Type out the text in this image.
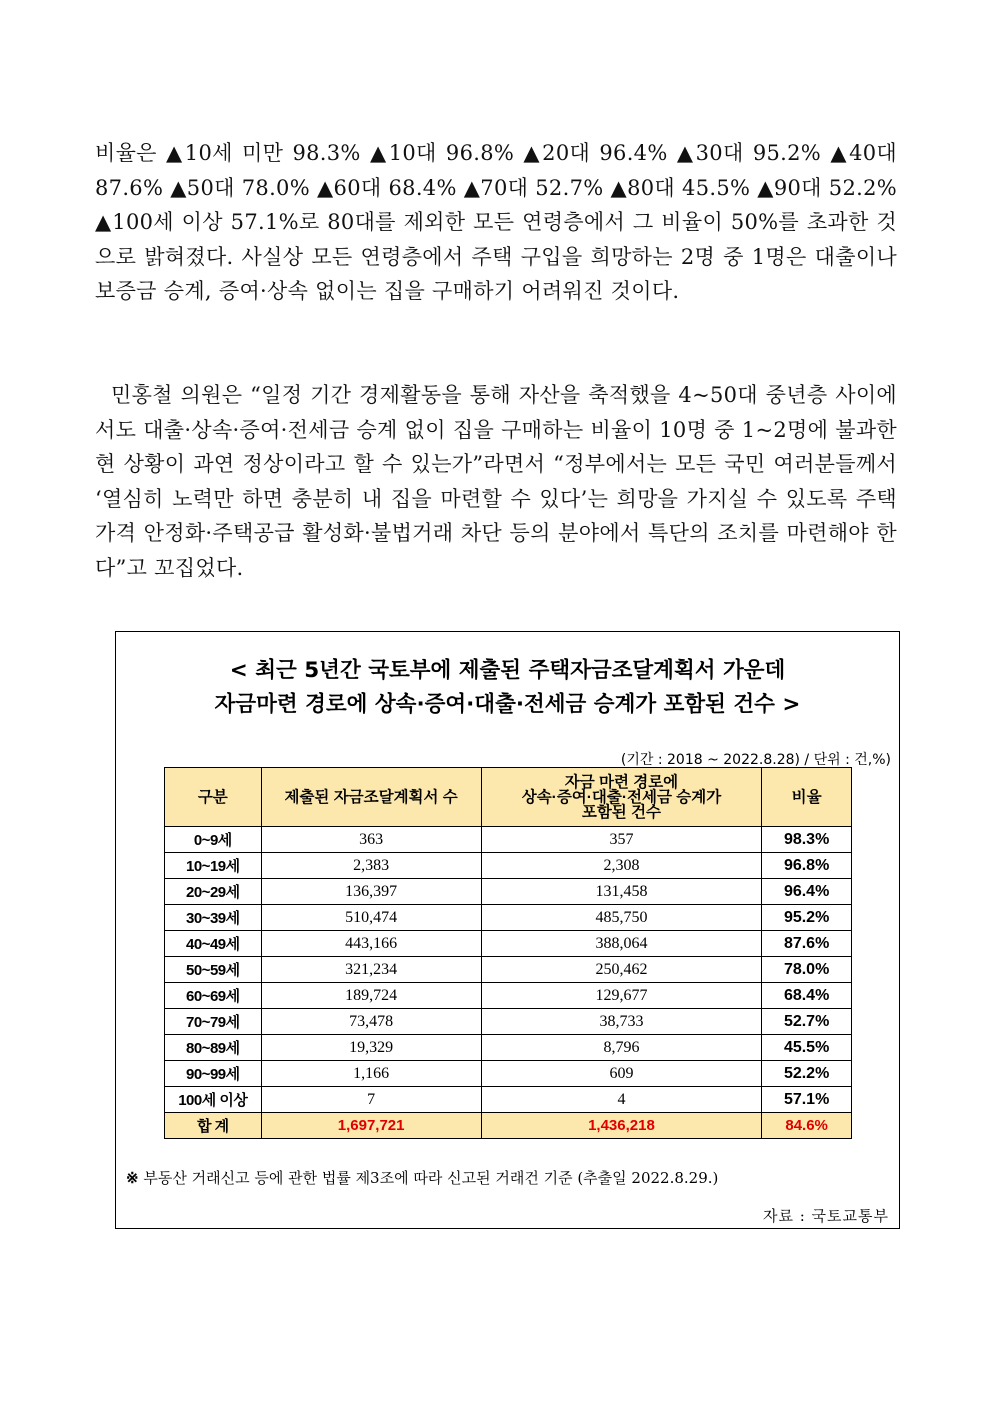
비율은 ▲10세 미만 98.3% ▲10대 96.8% ▲20대 96.4% ▲30대 95.2% ▲40대 87.6% ▲50대 78.0% ▲60대 68.4% ▲70대 52.7% ▲80대 45.5% ▲90대 52.2% ▲100세 이상 57.1%로 80대를 제외한 모든 연령층에서 그 비율이 50%를 초과한 것으로 밝혀졌다. 사실상 모든 연령층에서 주택 구입을 희망하는 2명 중 1명은 대출이나 보증금 승계, 증여·상속 없이는 집을 구매하기 어려워진 것이다.

민홍철 의원은 “일정 기간 경제활동을 통해 자산을 축적했을 4~50대 중년층 사이에서도 대출·상속·증여·전세금 승계 없이 집을 구매하는 비율이 10명 중 1~2명에 불과한 현 상황이 과연 정상이라고 할 수 있는가”라면서 “정부에서는 모든 국민 여러분들께서 ‘열심히 노력만 하면 충분히 내 집을 마련할 수 있다’는 희망을 가지실 수 있도록 주택 가격 안정화·주택공급 활성화·불법거래 차단 등의 분야에서 특단의 조치를 마련해야 한다”고 꼬집었다.

< 최근 5년간 국토부에 제출된 주택자금조달계획서 가운데
자금마련 경로에 상속·증여·대출·전세금 승계가 포함된 건수 >
(기간 : 2018 ~ 2022.8.28) / 단위 : 건,%)
구분	제출된 자금조달계획서 수	자금 마련 경로에
상속·증여·대출·전세금 승계가
포함된 건수	비율
0~9세	363	357	98.3%
10~19세	2,383	2,308	96.8%
20~29세	136,397	131,458	96.4%
30~39세	510,474	485,750	95.2%
40~49세	443,166	388,064	87.6%
50~59세	321,234	250,462	78.0%
60~69세	189,724	129,677	68.4%
70~79세	73,478	38,733	52.7%
80~89세	19,329	8,796	45.5%
90~99세	1,166	609	52.2%
100세 이상	7	4	57.1%
합 계	1,697,721	1,436,218	84.6%
※ 부동산 거래신고 등에 관한 법률 제3조에 따라 신고된 거래건 기준 (추출일 2022.8.29.)
자료 : 국토교통부
